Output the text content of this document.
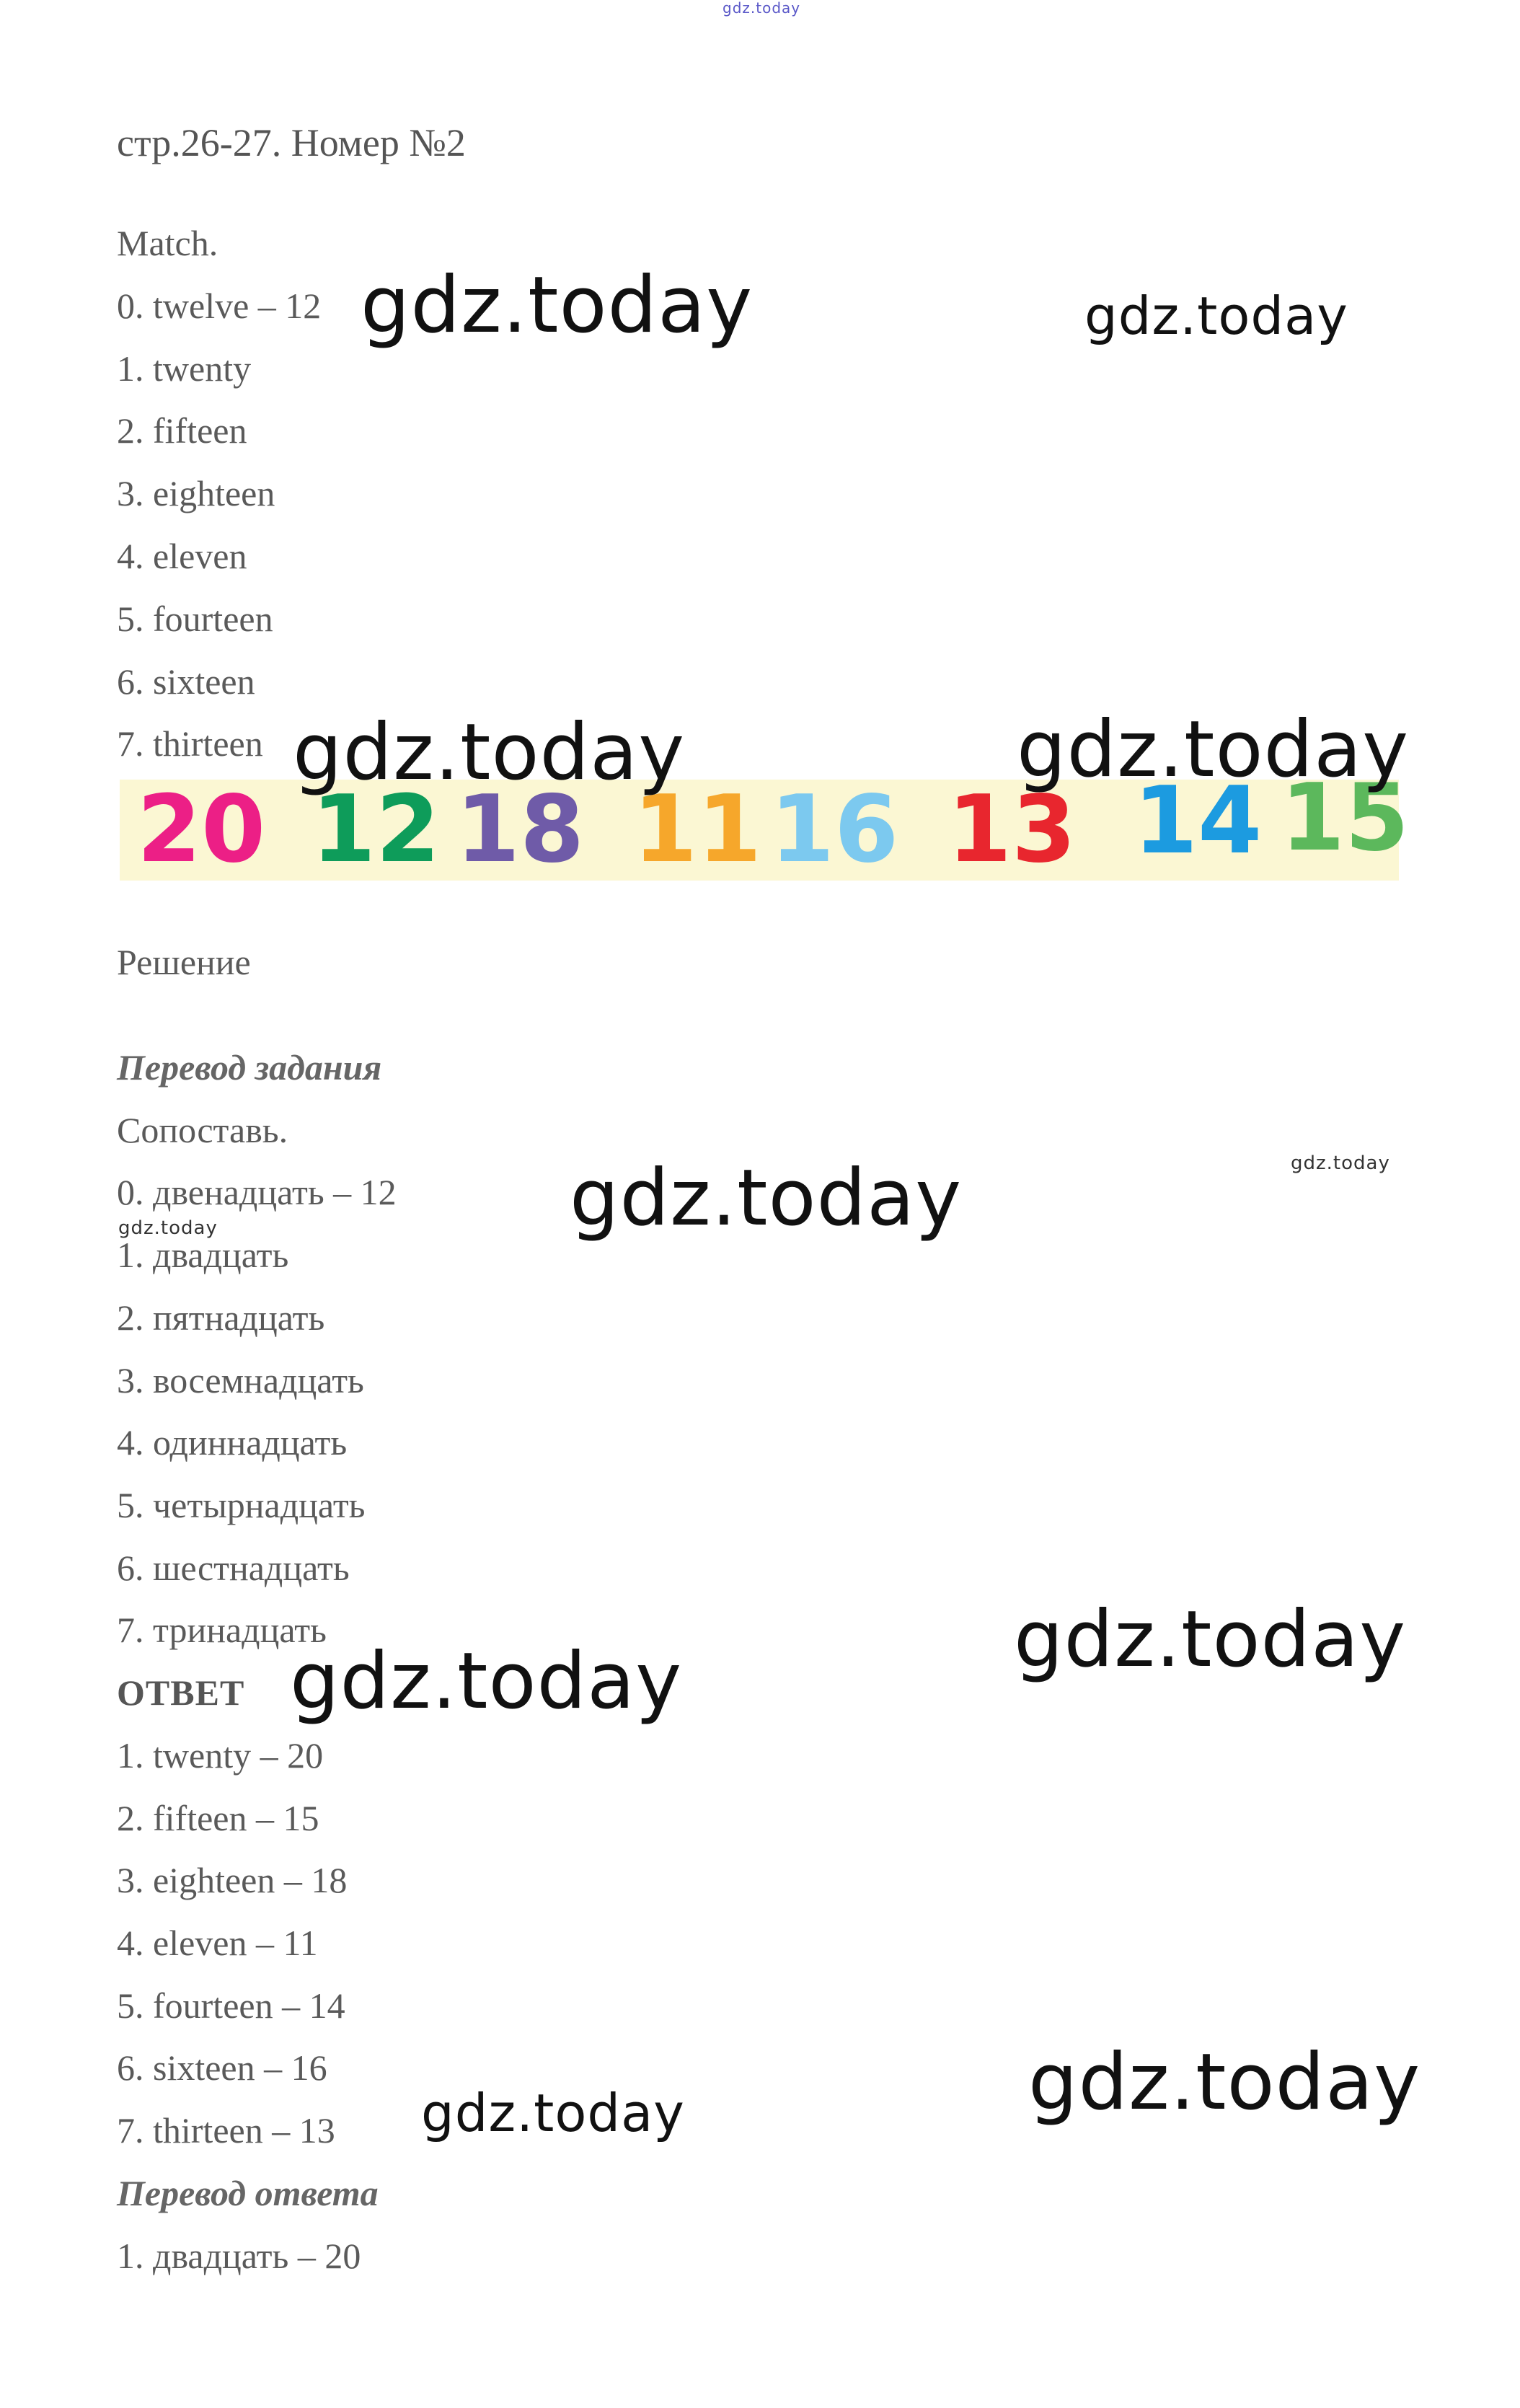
gdz.today
стр.26-27. Номер №2
Match.
0. twelve – 12
1. twenty
2. fifteen
3. eighteen
4. eleven
5. fourteen
6. sixteen
7. thirteen
20 12 18 11 16 13 14 15
Решение
Перевод задания
Сопоставь.
0. двенадцать – 12
1. двадцать
2. пятнадцать
3. восемнадцать
4. одиннадцать
5. четырнадцать
6. шестнадцать
7. тринадцать
ОТВЕТ
1. twenty – 20
2. fifteen – 15
3. eighteen – 18
4. eleven – 11
5. fourteen – 14
6. sixteen – 16
7. thirteen – 13
Перевод ответа
1. двадцать – 20
gdz.today	gdz.today
gdz.today	gdz.today
gdz.today	gdz.today
gdz.today
gdz.today
gdz.today
gdz.today	gdz.today
